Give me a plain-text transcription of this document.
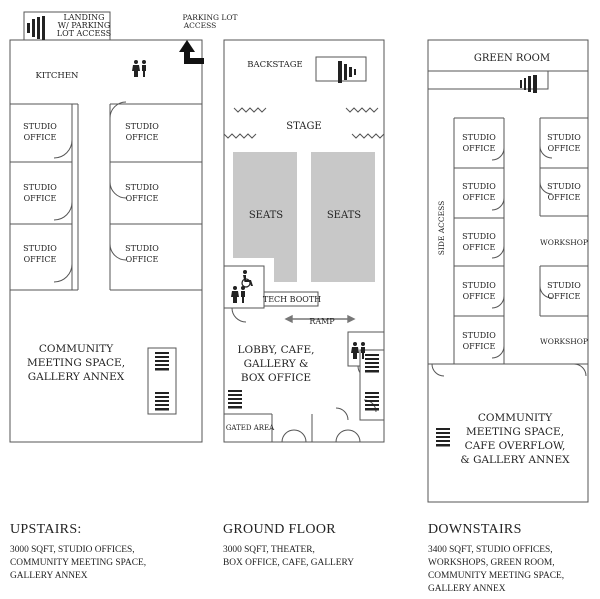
LANDING
W/ PARKING
LOT ACCESS
KITCHEN
STUDIO
OFFICE
STUDIO
OFFICE
STUDIO
OFFICE
STUDIO
OFFICE
STUDIO
OFFICE
STUDIO
OFFICE
COMMUNITY
MEETING SPACE,
GALLERY ANNEX
PARKING LOT
ACCESS
BACKSTAGE
STAGE
SEATS	SEATS
TECH BOOTH
RAMP
LOBBY, CAFE,
GALLERY &
BOX OFFICE
GATED AREA
GREEN ROOM
SIDE ACCESS
STUDIO
OFFICE
STUDIO
OFFICE
STUDIO
OFFICE
STUDIO
OFFICE
STUDIO
OFFICE
STUDIO
OFFICE
STUDIO
OFFICE
WORKSHOP
STUDIO
OFFICE
WORKSHOP
COMMUNITY
MEETING SPACE,
CAFE OVERFLOW,
& GALLERY ANNEX
UPSTAIRS:
3000 SQFT, STUDIO OFFICES,
COMMUNITY MEETING SPACE,
GALLERY ANNEX
GROUND FLOOR
3000 SQFT, THEATER,
BOX OFFICE, CAFE, GALLERY
DOWNSTAIRS
3400 SQFT, STUDIO OFFICES,
WORKSHOPS, GREEN ROOM,
COMMUNITY MEETING SPACE,
GALLERY ANNEX
